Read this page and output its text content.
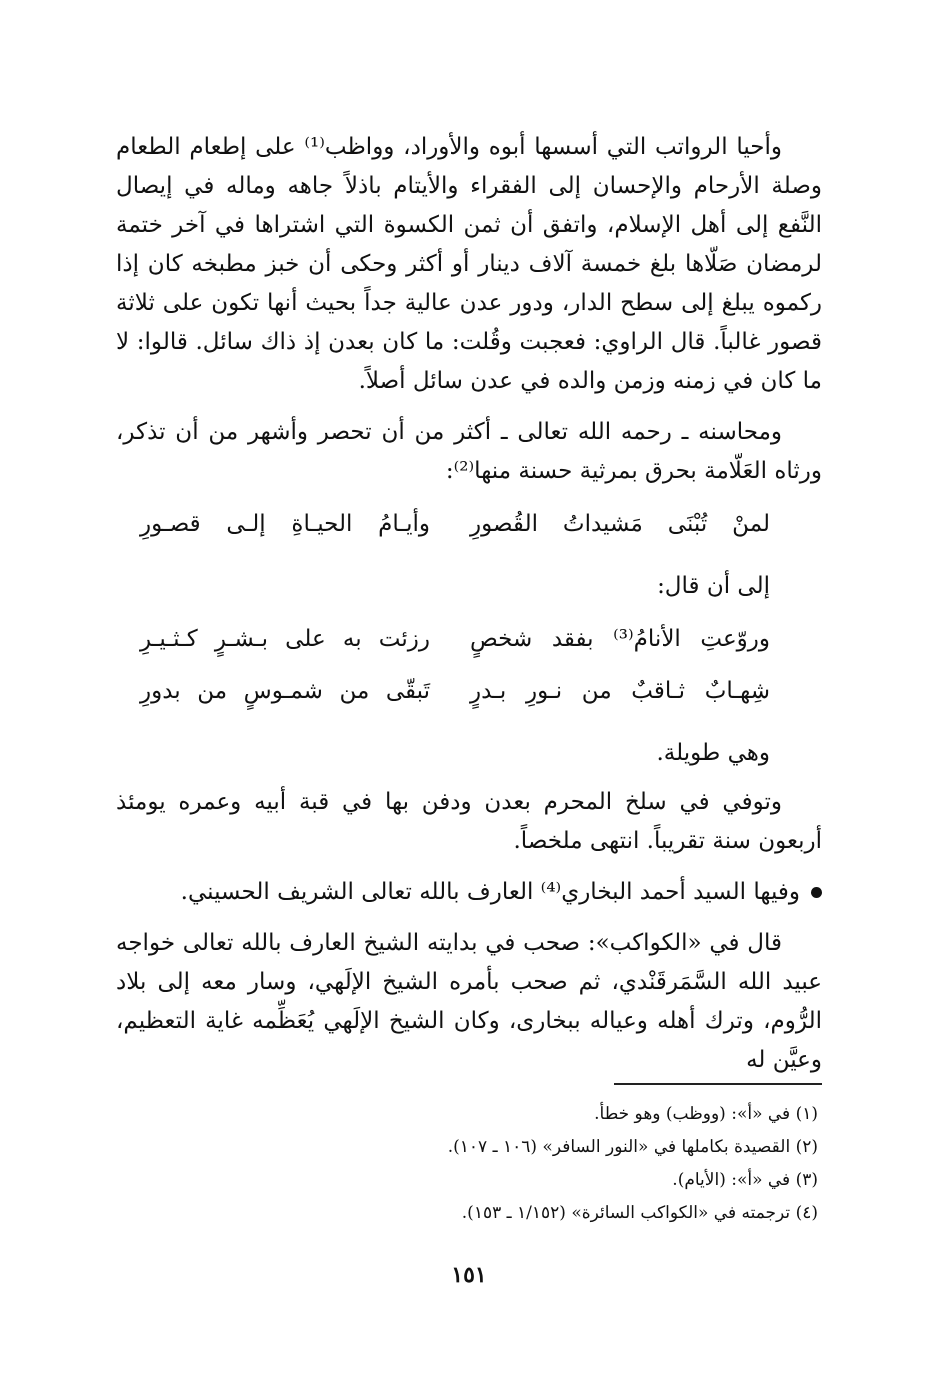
وأحيا الرواتب التي أسسها أبوه والأوراد، وواظب⁽¹⁾ على إطعام الطعام وصلة الأرحام والإحسان إلى الفقراء والأيتام باذلاً جاهه وماله في إيصال النَّفع إلى أهل الإسلام، واتفق أن ثمن الكسوة التي اشتراها في آخر ختمة لرمضان صَلّاها بلغ خمسة آلاف دينار أو أكثر وحكى أن خبز مطبخه كان إذا ركموه يبلغ إلى سطح الدار، ودور عدن عالية جداً بحيث أنها تكون على ثلاثة قصور غالباً. قال الراوي: فعجبت وقُلت: ما كان بعدن إذ ذاك سائل. قالوا: لا ما كان في زمنه وزمن والده في عدن سائل أصلاً.

ومحاسنه ـ رحمه الله تعالى ـ أكثر من أن تحصر وأشهر من أن تذكر، ورثاه العَلّامة بحرق بمرثية حسنة منها⁽²⁾:

لمنْ تُبْنَى مَشيداتُ القُصورِ
وأيـامُ الحيـاةِ إلـى قصـورِ
إلى أن قال:
وروّعتِ الأنامُ⁽³⁾ بفقد شخصٍ
رزئت به على بـشـرٍ كـثـيـرِ
شِهـابٌ ثـاقبٌ من نـورِ بـدرٍ
تَبقّى من شمـوسٍ من بدورِ
وهي طويلة.

وتوفي في سلخ المحرم بعدن ودفن بها في قبة أبيه وعمره يومئذ أربعون سنة تقريباً. انتهى ملخصاً.

وفيها السيد أحمد البخاري⁽⁴⁾ العارف بالله تعالى الشريف الحسيني.

قال في «الكواكب»: صحب في بدايته الشيخ العارف بالله تعالى خواجه عبيد الله السَّمَرقَنْدي، ثم صحب بأمره الشيخ الإلَهي، وسار معه إلى بلاد الرُّوم، وترك أهله وعياله ببخارى، وكان الشيخ الإلَهي يُعَظِّمه غاية التعظيم، وعيَّن له

(١) في «أ»: (ووظب) وهو خطأ.

(٢) القصيدة بكاملها في «النور السافر» (١٠٦ ـ ١٠٧).

(٣) في «أ»: (الأيام).

(٤) ترجمته في «الكواكب السائرة» (١/١٥٢ ـ ١٥٣).

١٥١
